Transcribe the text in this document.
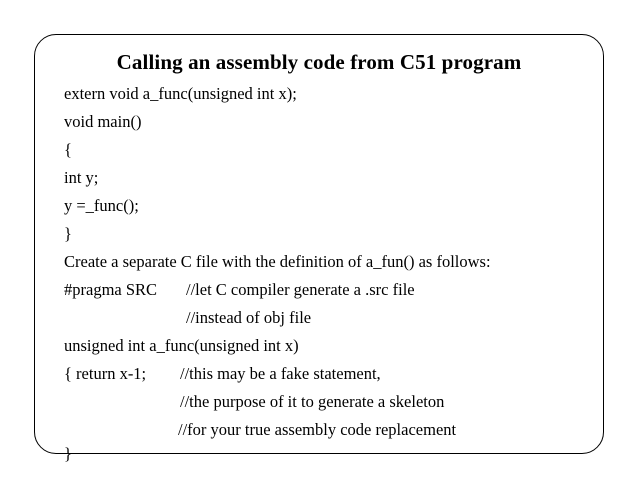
Calling an assembly code from C51 program
extern void a_func(unsigned int x);
void main()
{
int y;
y =_func();
}
Create a separate C file with the definition of a_fun() as follows:
#pragma SRC //let C compiler generate a .src file
//instead of obj file
unsigned int a_func(unsigned int x)
{ return x-1; //this may be a fake statement,
//the purpose of it to generate a skeleton
//for your true assembly code replacement
}
